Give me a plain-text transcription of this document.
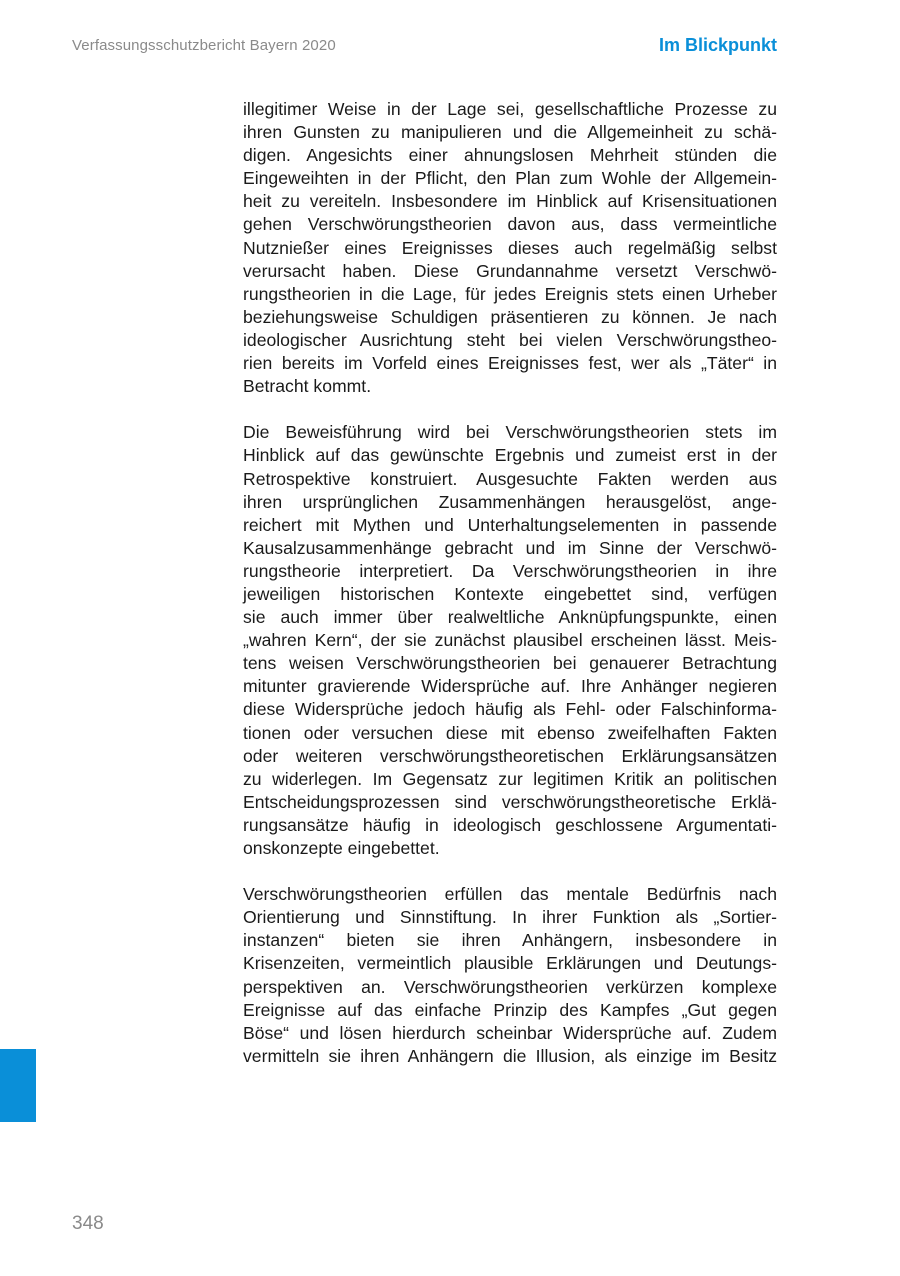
Verfassungsschutzbericht Bayern 2020	Im Blickpunkt

illegitimer Weise in der Lage sei, gesellschaftliche Prozesse zu
ihren Gunsten zu manipulieren und die Allgemeinheit zu schä-
digen. Angesichts einer ahnungslosen Mehrheit stünden die
Eingeweihten in der Pflicht, den Plan zum Wohle der Allgemein-
heit zu vereiteln. Insbesondere im Hinblick auf Krisensituationen
gehen Verschwörungstheorien davon aus, dass vermeintliche
Nutznießer eines Ereignisses dieses auch regelmäßig selbst
verursacht haben. Diese Grundannahme versetzt Verschwö-
rungstheorien in die Lage, für jedes Ereignis stets einen Urheber
beziehungsweise Schuldigen präsentieren zu können. Je nach
ideologischer Ausrichtung steht bei vielen Verschwörungstheo-
rien bereits im Vorfeld eines Ereignisses fest, wer als „Täter“ in
Betracht kommt.

Die Beweisführung wird bei Verschwörungstheorien stets im
Hinblick auf das gewünschte Ergebnis und zumeist erst in der
Retrospektive konstruiert. Ausgesuchte Fakten werden aus
ihren ursprünglichen Zusammenhängen herausgelöst, ange-
reichert mit Mythen und Unterhaltungselementen in passende
Kausalzusammenhänge gebracht und im Sinne der Verschwö-
rungstheorie interpretiert. Da Verschwörungstheorien in ihre
jeweiligen historischen Kontexte eingebettet sind, verfügen
sie auch immer über realweltliche Anknüpfungspunkte, einen
„wahren Kern“, der sie zunächst plausibel erscheinen lässt. Meis-
tens weisen Verschwörungstheorien bei genauerer Betrachtung
mitunter gravierende Widersprüche auf. Ihre Anhänger negieren
diese Widersprüche jedoch häufig als Fehl- oder Falschinforma-
tionen oder versuchen diese mit ebenso zweifelhaften Fakten
oder weiteren verschwörungstheoretischen Erklärungsansätzen
zu widerlegen. Im Gegensatz zur legitimen Kritik an politischen
Entscheidungsprozessen sind verschwörungstheoretische Erklä-
rungsansätze häufig in ideologisch geschlossene Argumentati-
onskonzepte eingebettet.

Verschwörungstheorien erfüllen das mentale Bedürfnis nach
Orientierung und Sinnstiftung. In ihrer Funktion als „Sortier-
instanzen“ bieten sie ihren Anhängern, insbesondere in
Krisenzeiten, vermeintlich plausible Erklärungen und Deutungs-
perspektiven an. Verschwörungstheorien verkürzen komplexe
Ereignisse auf das einfache Prinzip des Kampfes „Gut gegen
Böse“ und lösen hierdurch scheinbar Widersprüche auf. Zudem
vermitteln sie ihren Anhängern die Illusion, als einzige im Besitz

348
